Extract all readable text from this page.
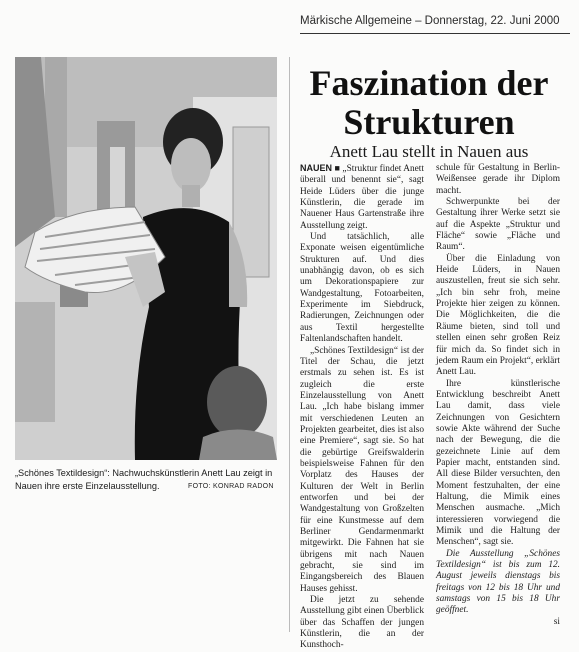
Märkische Allgemeine – Donnerstag, 22. Juni 2000
„Schönes Textildesign“: Nachwuchskünstlerin Anett Lau zeigt in Nauen ihre erste Einzelausstellung.	FOTO: KONRAD RADON
Faszination der Strukturen
Anett Lau stellt in Nauen aus

NAUEN ■ „Struktur findet Anett überall und benennt sie“, sagt Heide Lüders über die junge Künstlerin, die gerade im Nauener Haus Gartenstraße ihre Ausstellung zeigt.

Und tatsächlich, alle Exponate weisen eigentümliche Strukturen auf. Und dies unabhängig davon, ob es sich um Dekorationspapiere zur Wandgestaltung, Fotoarbeiten, Experimente im Siebdruck, Radierungen, Zeichnungen oder aus Textil hergestellte Faltenlandschaften handelt.

„Schönes Textildesign“ ist der Titel der Schau, die jetzt erstmals zu sehen ist. Es ist zugleich die erste Einzelausstellung von Anett Lau. „Ich habe bislang immer mit verschiedenen Leuten an Projekten gearbeitet, dies ist also eine Premiere“, sagt sie. So hat die gebürtige Greifswalderin beispielsweise Fahnen für den Vorplatz des Hauses der Kulturen der Welt in Berlin entworfen und bei der Wandgestaltung von Großzelten für eine Kunstmesse auf dem Berliner Gendarmenmarkt mitgewirkt. Die Fahnen hat sie übrigens mit nach Nauen gebracht, sie sind im Eingangsbereich des Blauen Hauses gehisst.

Die jetzt zu sehende Ausstellung gibt einen Überblick über das Schaffen der jungen Künstlerin, die an der Kunsthoch-

schule für Gestaltung in Berlin-Weißensee gerade ihr Diplom macht.

Schwerpunkte bei der Gestaltung ihrer Werke setzt sie auf die Aspekte „Struktur und Fläche“ sowie „Fläche und Raum“.

Über die Einladung von Heide Lüders, in Nauen auszustellen, freut sie sich sehr. „Ich bin sehr froh, meine Projekte hier zeigen zu können. Die Möglichkeiten, die die Räume bieten, sind toll und stellen einen sehr großen Reiz für mich da. So findet sich in jedem Raum ein Projekt“, erklärt Anett Lau.

Ihre künstlerische Entwicklung beschreibt Anett Lau damit, dass viele Zeichnungen von Gesichtern sowie Akte während der Suche nach der Bewegung, die die gezeichnete Linie auf dem Papier macht, entstanden sind. All diese Bilder versuchten, den Moment festzuhalten, der eine Haltung, die Mimik eines Menschen ausmache. „Mich interessieren vorwiegend die Mimik und die Haltung der Menschen“, sagt sie.

Die Ausstellung „Schönes Textildesign“ ist bis zum 12. August jeweils dienstags bis freitags von 12 bis 18 Uhr und samstags von 15 bis 18 Uhr geöffnet.

si
